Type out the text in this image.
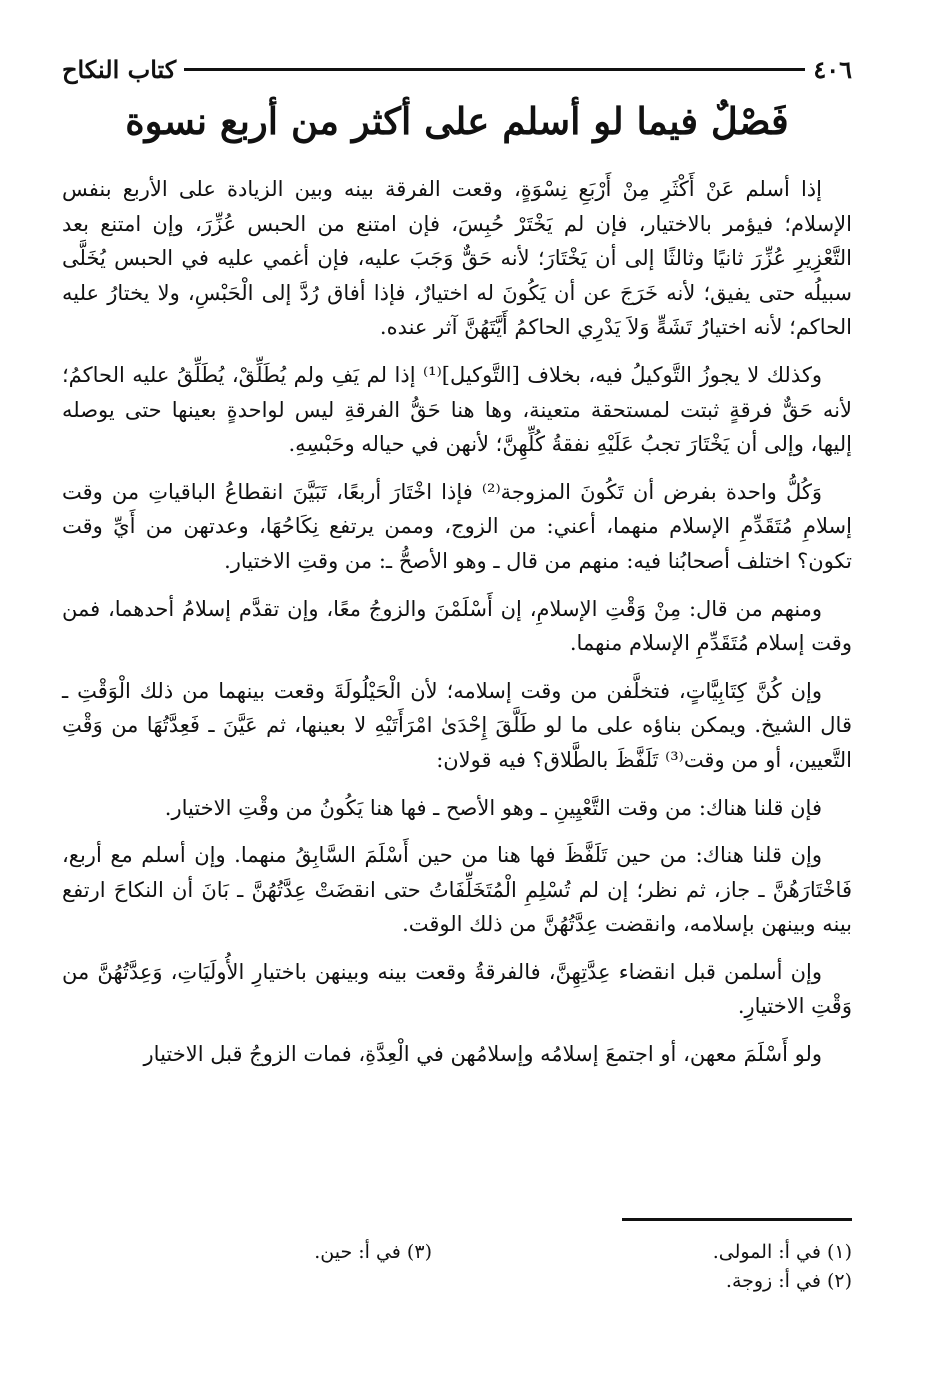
٤٠٦
كتاب النكاح
فَصْلٌ فيما لو أسلم على أكثر من أربع نسوة

إذا أسلم عَنْ أَكْثَرِ مِنْ أَرْبَعِ نِسْوَةٍ، وقعت الفرقة بينه وبين الزيادة على الأربع بنفس الإسلام؛ فيؤمر بالاختيار، فإن لم يَخْتَرْ حُبِسَ، فإن امتنع من الحبس عُزِّرَ، وإن امتنع بعد التَّعْزِيرِ عُزِّرَ ثانيًا وثالثًا إلى أن يَخْتَارَ؛ لأنه حَقٌّ وَجَبَ عليه، فإن أغمي عليه في الحبس يُخَلَّى سبيلُه حتى يفيق؛ لأنه خَرَجَ عن أن يَكُونَ له اختيارٌ، فإذا أفاق رُدَّ إلى الْحَبْسِ، ولا يختارُ عليه الحاكم؛ لأنه اختيارُ تَشَهٍّ وَلاَ يَدْرِي الحاكمُ أَيَّتَهُنَّ آثر عنده.

وكذلك لا يجوزُ التَّوكيلُ فيه، بخلاف [التَّوكيل]⁽¹⁾ إذا لم يَفِ ولم يُطَلِّقْ، يُطَلِّقُ عليه الحاكمُ؛ لأنه حَقٌّ فرقةٍ ثبتت لمستحقة متعينة، وها هنا حَقُّ الفرقةِ ليس لواحدةٍ بعينها حتى يوصله إليها، وإلى أن يَخْتَارَ تجبُ عَلَيْهِ نفقةُ كُلِّهِنَّ؛ لأنهن في حياله وحَبْسِهِ.

وَكُلُّ واحدة بفرض أن تَكُونَ المزوجة⁽²⁾ فإذا اخْتَارَ أربعًا، تَبَيَّنَ انقطاعُ الباقياتِ من وقت إسلامِ مُتَقَدِّمِ الإسلام منهما، أعني: من الزوج، وممن يرتفع نِكَاحُهَا، وعدتهن من أَيِّ وقت تكون؟ اختلف أصحابُنا فيه: منهم من قال ـ وهو الأصحُّ ـ: من وقتِ الاختيار.

ومنهم من قال: مِنْ وَقْتِ الإسلامِ، إن أَسْلَمْنَ والزوجُ معًا، وإن تقدَّم إسلامُ أحدهما، فمن وقت إسلام مُتَقَدِّمِ الإسلام منهما.

وإن كُنَّ كِتَابِيَّاتٍ، فتخلَّفن من وقت إسلامه؛ لأن الْحَيْلُولَةَ وقعت بينهما من ذلك الْوَقْتِ ـ قال الشيخ. ويمكن بناؤه على ما لو طَلَّقَ إِحْدَىٰ امْرَأَتَيْهِ لا بعينها، ثم عَيَّنَ ـ فَعِدَّتُهَا من وَقْتِ التَّعيين، أو من وقت⁽³⁾ تَلَفَّظَ بالطَّلاق؟ فيه قولان:

فإن قلنا هناك: من وقت التَّعْيِينِ ـ وهو الأصح ـ فها هنا يَكُونُ من وقْتِ الاختيار.

وإن قلنا هناك: من حين تَلَفَّظَ فها هنا من حين أَسْلَمَ السَّابِقُ منهما. وإن أسلم مع أربع، فَاخْتَارَهُنَّ ـ جاز، ثم نظر؛ إن لم تُسْلِمِ الْمُتَخَلِّفَاتُ حتى انقضَتْ عِدَّتُهُنَّ ـ بَانَ أن النكاحَ ارتفع بينه وبينهن بإسلامه، وانقضت عِدَّتُهُنَّ من ذلك الوقت.

وإن أسلمن قبل انقضاء عِدَّتِهِنَّ، فالفرقةُ وقعت بينه وبينهن باختيارِ الأُولَيَاتِ، وَعِدَّتُهُنَّ من وَقْتِ الاختيارِ.

ولو أَسْلَمَ معهن، أو اجتمعَ إسلامُه وإسلامُهن في الْعِدَّةِ، فمات الزوجُ قبل الاختيار

(١) في أ: المولى.
(٣) في أ: حين.
(٢) في أ: زوجة.
